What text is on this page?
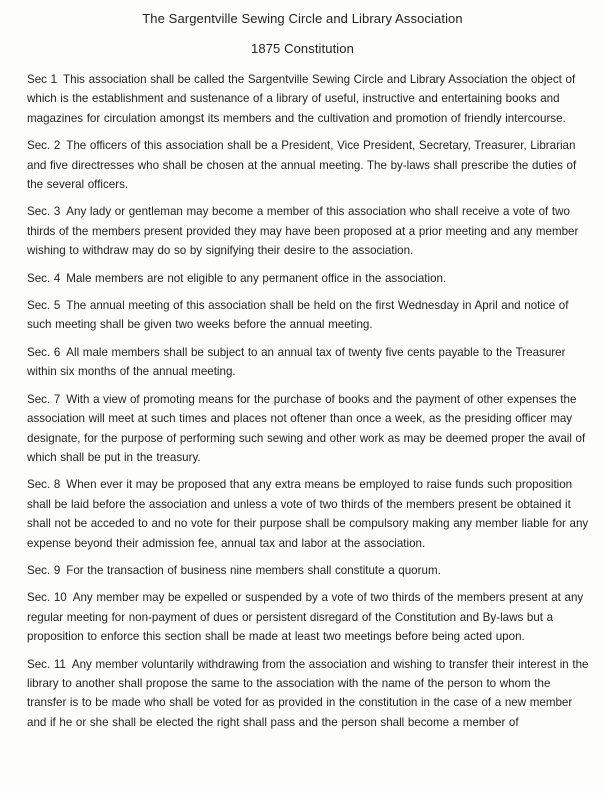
The Sargentville Sewing Circle and Library Association
1875 Constitution

Sec 1 This association shall be called the Sargentville Sewing Circle and Library Association the object of which is the establishment and sustenance of a library of useful, instructive and entertaining books and magazines for circulation amongst its members and the cultivation and promotion of friendly intercourse.

Sec. 2 The officers of this association shall be a President, Vice President, Secretary, Treasurer, Librarian and five directresses who shall be chosen at the annual meeting. The by-laws shall prescribe the duties of the several officers.

Sec. 3 Any lady or gentleman may become a member of this association who shall receive a vote of two thirds of the members present provided they may have been proposed at a prior meeting and any member wishing to withdraw may do so by signifying their desire to the association.

Sec. 4 Male members are not eligible to any permanent office in the association.

Sec. 5 The annual meeting of this association shall be held on the first Wednesday in April and notice of such meeting shall be given two weeks before the annual meeting.

Sec. 6 All male members shall be subject to an annual tax of twenty five cents payable to the Treasurer within six months of the annual meeting.

Sec. 7 With a view of promoting means for the purchase of books and the payment of other expenses the association will meet at such times and places not oftener than once a week, as the presiding officer may designate, for the purpose of performing such sewing and other work as may be deemed proper the avail of which shall be put in the treasury.

Sec. 8 When ever it may be proposed that any extra means be employed to raise funds such proposition shall be laid before the association and unless a vote of two thirds of the members present be obtained it shall not be acceded to and no vote for their purpose shall be compulsory making any member liable for any expense beyond their admission fee, annual tax and labor at the association.

Sec. 9 For the transaction of business nine members shall constitute a quorum.

Sec. 10 Any member may be expelled or suspended by a vote of two thirds of the members present at any regular meeting for non-payment of dues or persistent disregard of the Constitution and By-laws but a proposition to enforce this section shall be made at least two meetings before being acted upon.

Sec. 11 Any member voluntarily withdrawing from the association and wishing to transfer their interest in the library to another shall propose the same to the association with the name of the person to whom the transfer is to be made who shall be voted for as provided in the constitution in the case of a new member and if he or she shall be elected the right shall pass and the person shall become a member of
